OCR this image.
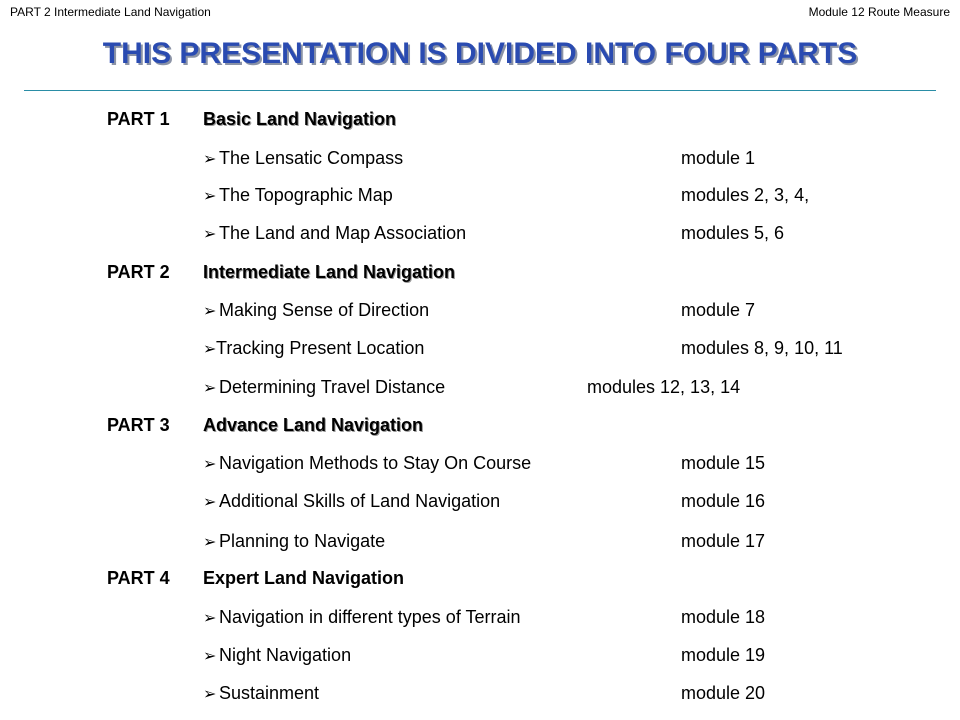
PART 2 Intermediate Land Navigation	Module 12 Route Measure
THIS PRESENTATION IS DIVIDED INTO FOUR PARTS
PART 1 Basic Land Navigation
➢ The Lensatic Compass	module 1
➢ The Topographic Map	modules 2, 3, 4,
➢ The Land and Map Association	modules 5, 6
PART 2 Intermediate Land Navigation
➢ Making Sense of Direction	module 7
➢Tracking Present Location	modules 8, 9, 10, 11
➢ Determining Travel Distance	modules 12, 13, 14
PART 3 Advance Land Navigation
➢ Navigation Methods to Stay On Course	module 15
➢ Additional Skills of Land Navigation	module 16
➢ Planning to Navigate	module 17
PART 4 Expert Land Navigation
➢ Navigation in different types of Terrain	module 18
➢ Night Navigation	module 19
➢ Sustainment	module 20
